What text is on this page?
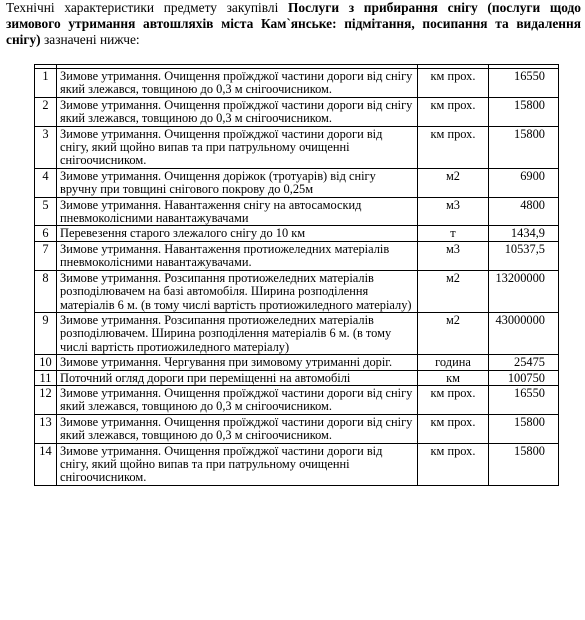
Технічні характеристики предмету закупівлі Послуги з прибирання снігу (послуги щодо зимового утримання автошляхів міста Кам`янське: підмітання, посипання та видалення снігу) зазначені нижче:

1	Зимове утримання. Очищення проїжджої частини дороги від снігу який злежався, товщиною до 0,3 м снігоочисником.	км прох.	16550
2	Зимове утримання. Очищення проїжджої частини дороги від снігу який злежався, товщиною до 0,3 м снігоочисником.	км прох.	15800
3	Зимове утримання. Очищення проїжджої частини дороги від снігу, який щойно випав та при патрульному очищенні снігоочисником.	км прох.	15800
4	Зимове утримання. Очищення доріжок (тротуарів) від снігу вручну при товщині снігового покрову до 0,25м	м2	6900
5	Зимове утримання. Навантаження снігу на автосамоскид пневмоколісними навантажувачами	м3	4800
6	Перевезення старого злежалого снігу до 10 км	т	1434,9
7	Зимове утримання. Навантаження протиожеледних матеріалів пневмоколісними навантажувачами.	м3	10537,5
8	Зимове утримання. Розсипання протиожеледних матеріалів розподілювачем на базі автомобіля. Ширина розподілення матеріалів 6 м. (в тому числі вартість протиожиледного матеріалу)	м2	13200000
9	Зимове утримання. Розсипання протиожеледних матеріалів розподілювачем. Ширина розподілення матеріалів 6 м. (в тому числі вартість протиожиледного матеріалу)	м2	43000000
10	Зимове утримання. Чергування при зимовому утриманні доріг.	година	25475
11	Поточний огляд дороги при переміщенні на автомобілі	км	100750
12	Зимове утримання. Очищення проїжджої частини дороги від снігу який злежався, товщиною до 0,3 м снігоочисником.	км прох.	16550
13	Зимове утримання. Очищення проїжджої частини дороги від снігу який злежався, товщиною до 0,3 м снігоочисником.	км прох.	15800
14	Зимове утримання. Очищення проїжджої частини дороги від снігу, який щойно випав та при патрульному очищенні снігоочисником.	км прох.	15800
